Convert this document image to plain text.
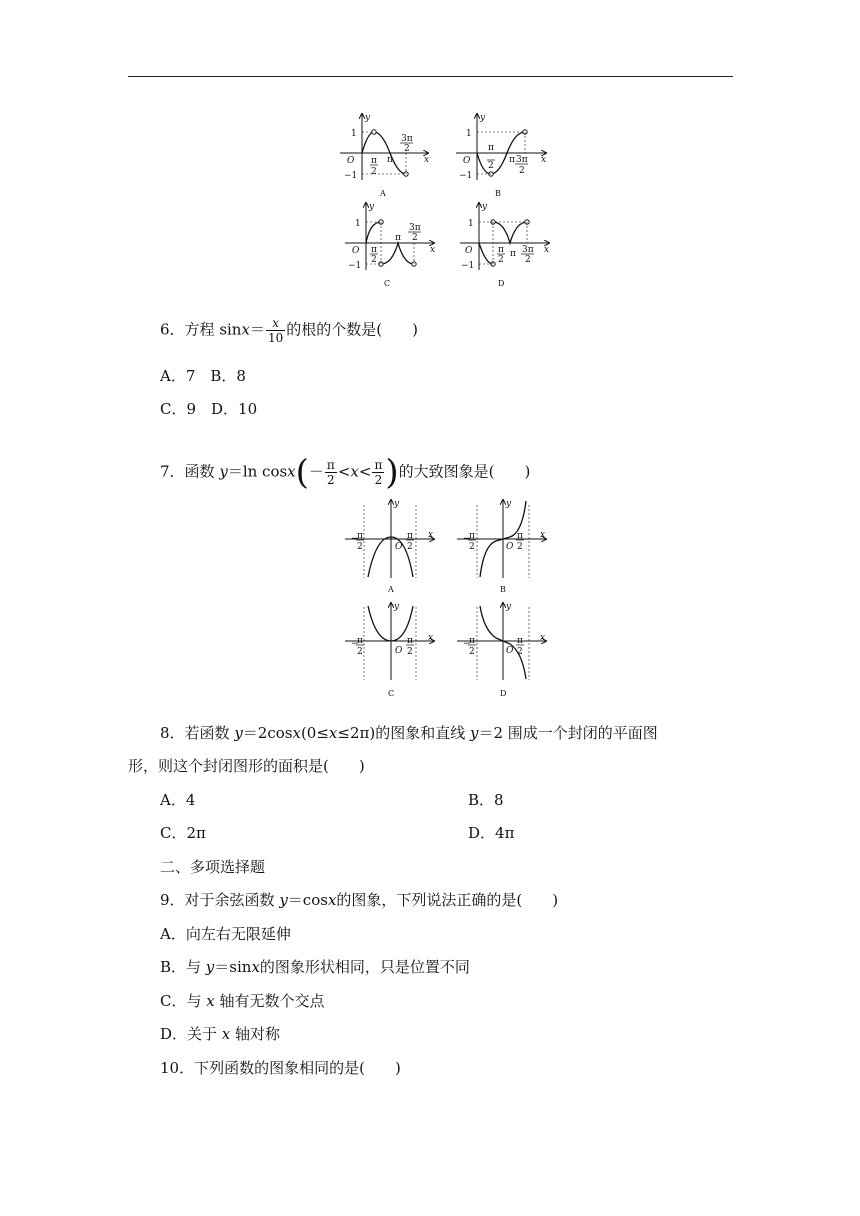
y
x
O
1
−1
π
2
π
3π
2
A
y
x
O
1
−1
π
2
π 3π
2
B
y
x
O
1
−1
π
2
π
3π
2
C
y
x
O
1
−1
π
2
π 3π
2
D
6．方程 $\sin x= \frac{x}{10}$ 的根的个数是(　　)
A．7　B．8
C．9　D．10
7．函数 y＝ln $\cos x(- \frac{\pi}{2} <x< \frac{\pi}{2}$ )的大致图象是(　　)
−
π
2
π
2
O
x
y
A
−
π
2
π
2
O
x
y
B
−
π
2
π
2
O
x
y
C
−
π
2
π
2
O
x
y
D
8．若函数 y＝2cosx(0≤x≤2π)的图象和直线 y＝2 围成一个封闭的平面图
形，则这个封闭图形的面积是(　　)
A．4	B．8
C．2π	D．4π
二、多项选择题
9．对于余弦函数 y＝cosx的图象，下列说法正确的是(　　)
A．向左右无限延伸
B．与 y＝sinx的图象形状相同，只是位置不同
C．与 x 轴有无数个交点
D．关于 x 轴对称
10．下列函数的图象相同的是(　　)
